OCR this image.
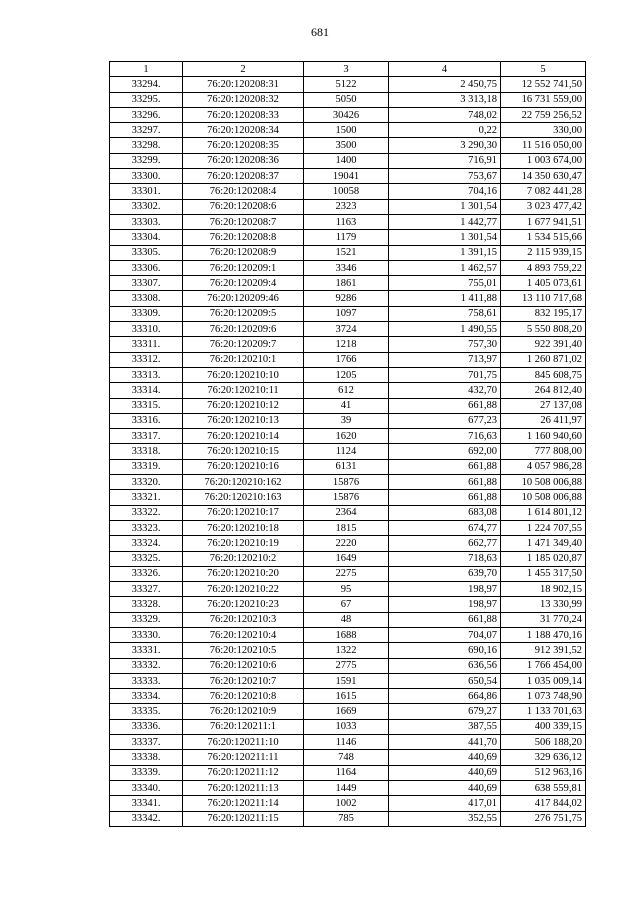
681
1	2	3	4	5
33294.	76:20:120208:31	5122	2 450,75	12 552 741,50
33295.	76:20:120208:32	5050	3 313,18	16 731 559,00
33296.	76:20:120208:33	30426	748,02	22 759 256,52
33297.	76:20:120208:34	1500	0,22	330,00
33298.	76:20:120208:35	3500	3 290,30	11 516 050,00
33299.	76:20:120208:36	1400	716,91	1 003 674,00
33300.	76:20:120208:37	19041	753,67	14 350 630,47
33301.	76:20:120208:4	10058	704,16	7 082 441,28
33302.	76:20:120208:6	2323	1 301,54	3 023 477,42
33303.	76:20:120208:7	1163	1 442,77	1 677 941,51
33304.	76:20:120208:8	1179	1 301,54	1 534 515,66
33305.	76:20:120208:9	1521	1 391,15	2 115 939,15
33306.	76:20:120209:1	3346	1 462,57	4 893 759,22
33307.	76:20:120209:4	1861	755,01	1 405 073,61
33308.	76:20:120209:46	9286	1 411,88	13 110 717,68
33309.	76:20:120209:5	1097	758,61	832 195,17
33310.	76:20:120209:6	3724	1 490,55	5 550 808,20
33311.	76:20:120209:7	1218	757,30	922 391,40
33312.	76:20:120210:1	1766	713,97	1 260 871,02
33313.	76:20:120210:10	1205	701,75	845 608,75
33314.	76:20:120210:11	612	432,70	264 812,40
33315.	76:20:120210:12	41	661,88	27 137,08
33316.	76:20:120210:13	39	677,23	26 411,97
33317.	76:20:120210:14	1620	716,63	1 160 940,60
33318.	76:20:120210:15	1124	692,00	777 808,00
33319.	76:20:120210:16	6131	661,88	4 057 986,28
33320.	76:20:120210:162	15876	661,88	10 508 006,88
33321.	76:20:120210:163	15876	661,88	10 508 006,88
33322.	76:20:120210:17	2364	683,08	1 614 801,12
33323.	76:20:120210:18	1815	674,77	1 224 707,55
33324.	76:20:120210:19	2220	662,77	1 471 349,40
33325.	76:20:120210:2	1649	718,63	1 185 020,87
33326.	76:20:120210:20	2275	639,70	1 455 317,50
33327.	76:20:120210:22	95	198,97	18 902,15
33328.	76:20:120210:23	67	198,97	13 330,99
33329.	76:20:120210:3	48	661,88	31 770,24
33330.	76:20:120210:4	1688	704,07	1 188 470,16
33331.	76:20:120210:5	1322	690,16	912 391,52
33332.	76:20:120210:6	2775	636,56	1 766 454,00
33333.	76:20:120210:7	1591	650,54	1 035 009,14
33334.	76:20:120210:8	1615	664,86	1 073 748,90
33335.	76:20:120210:9	1669	679,27	1 133 701,63
33336.	76:20:120211:1	1033	387,55	400 339,15
33337.	76:20:120211:10	1146	441,70	506 188,20
33338.	76:20:120211:11	748	440,69	329 636,12
33339.	76:20:120211:12	1164	440,69	512 963,16
33340.	76:20:120211:13	1449	440,69	638 559,81
33341.	76:20:120211:14	1002	417,01	417 844,02
33342.	76:20:120211:15	785	352,55	276 751,75
